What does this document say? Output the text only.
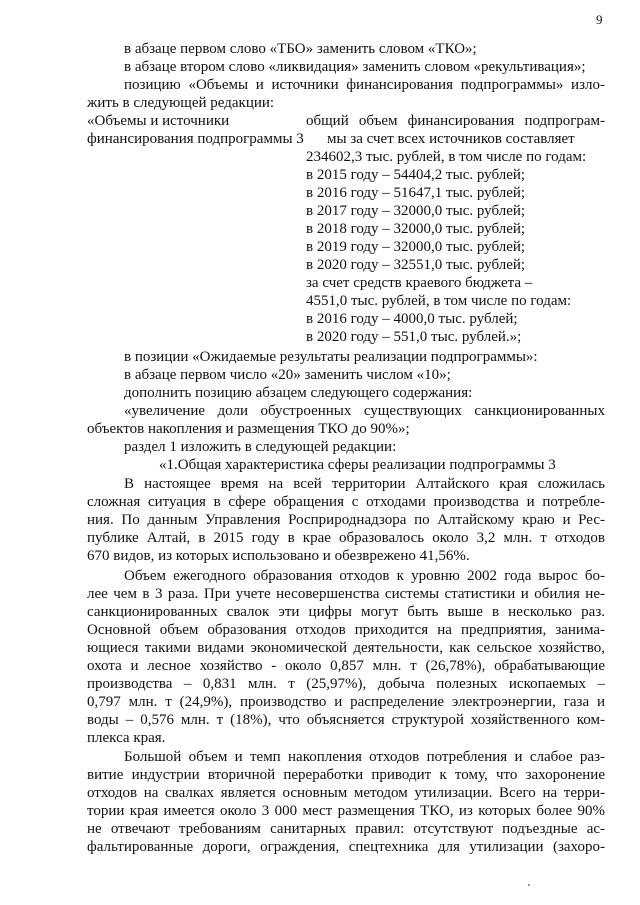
9
в абзаце первом слово «ТБО» заменить словом «ТКО»;
в абзаце втором слово «ликвидация» заменить словом «рекультивация»;
позицию «Объемы и источники финансирования подпрограммы» изло-
жить в следующей редакции:
«Объемы и источники
финансирования подпрограммы 3
общий объем финансирования подпрограм-
мы за счет всех источников составляет
234602,3 тыс. рублей, в том числе по годам:
в 2015 году – 54404,2 тыс. рублей;
в 2016 году – 51647,1 тыс. рублей;
в 2017 году – 32000,0 тыс. рублей;
в 2018 году – 32000,0 тыс. рублей;
в 2019 году – 32000,0 тыс. рублей;
в 2020 году – 32551,0 тыс. рублей;
за счет средств краевого бюджета –
4551,0 тыс. рублей, в том числе по годам:
в 2016 году – 4000,0 тыс. рублей;
в 2020 году – 551,0 тыс. рублей.»;
в позиции «Ожидаемые результаты реализации подпрограммы»:
в абзаце первом число «20» заменить числом «10»;
дополнить позицию абзацем следующего содержания:
«увеличение доли обустроенных существующих санкционированных
объектов накопления и размещения ТКО до 90%»;
раздел 1 изложить в следующей редакции:
«1.Общая характеристика сферы реализации подпрограммы 3
В настоящее время на всей территории Алтайского края сложилась
сложная ситуация в сфере обращения с отходами производства и потребле-
ния. По данным Управления Росприроднадзора по Алтайскому краю и Рес-
публике Алтай, в 2015 году в крае образовалось около 3,2 млн. т отходов
670 видов, из которых использовано и обезврежено 41,56%.
Объем ежегодного образования отходов к уровню 2002 года вырос бо-
лее чем в 3 раза. При учете несовершенства системы статистики и обилия не-
санкционированных свалок эти цифры могут быть выше в несколько раз.
Основной объем образования отходов приходится на предприятия, занима-
ющиеся такими видами экономической деятельности, как сельское хозяйство,
охота и лесное хозяйство - около 0,857 млн. т (26,78%), обрабатывающие
производства – 0,831 млн. т (25,97%), добыча полезных ископаемых –
0,797 млн. т (24,9%), производство и распределение электроэнергии, газа и
воды – 0,576 млн. т (18%), что объясняется структурой хозяйственного ком-
плекса края.
Большой объем и темп накопления отходов потребления и слабое раз-
витие индустрии вторичной переработки приводит к тому, что захоронение
отходов на свалках является основным методом утилизации. Всего на терри-
тории края имеется около 3 000 мест размещения ТКО, из которых более 90%
не отвечают требованиям санитарных правил: отсутствуют подъездные ас-
фальтированные дороги, ограждения, спецтехника для утилизации (захоро-
